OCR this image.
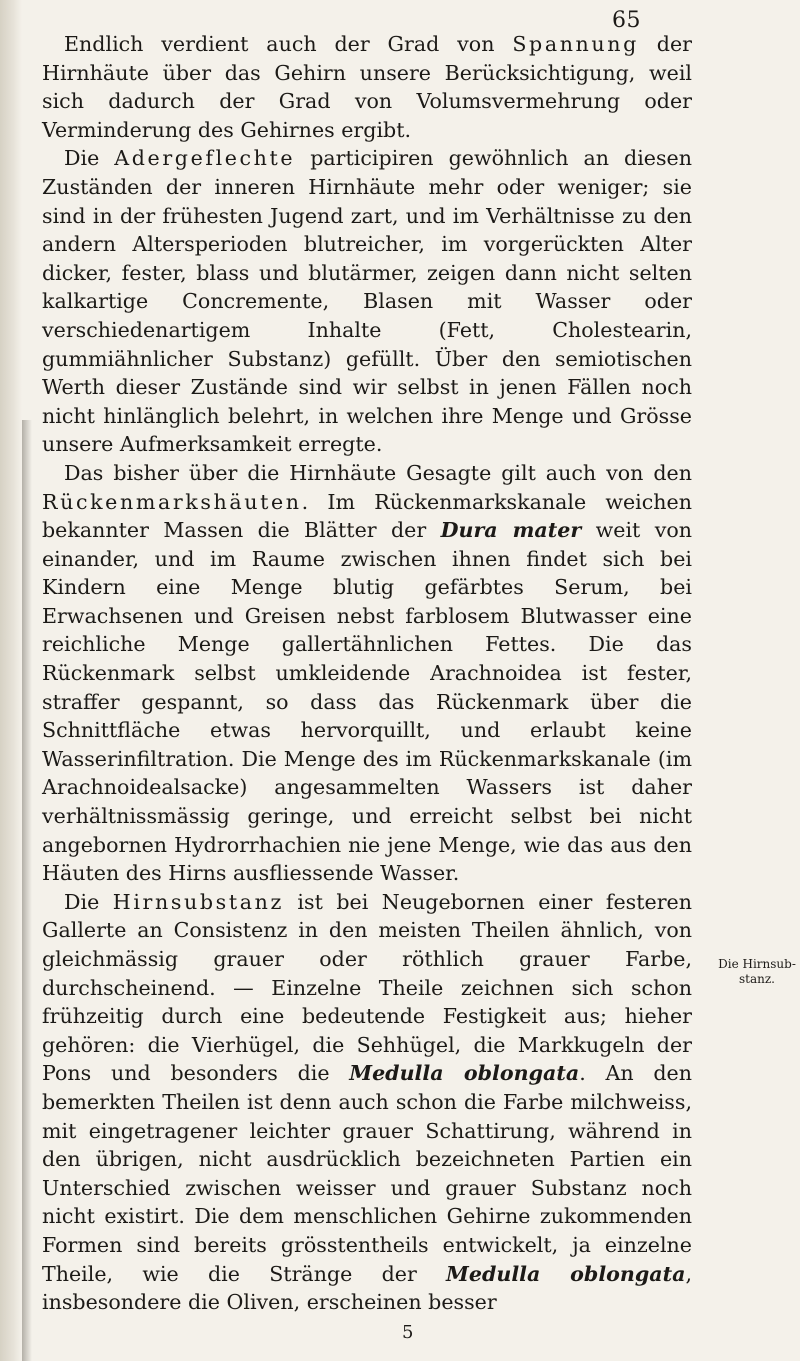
65

Endlich verdient auch der Grad von Spannung der Hirnhäute über das Gehirn unsere Berücksichtigung, weil sich dadurch der Grad von Volumsvermehrung oder Verminderung des Gehirnes ergibt.

Die Adergeflechte participiren gewöhnlich an diesen Zuständen der inneren Hirnhäute mehr oder weniger; sie sind in der frühesten Jugend zart, und im Verhältnisse zu den andern Altersperioden blutreicher, im vorgerückten Alter dicker, fester, blass und blutärmer, zeigen dann nicht selten kalkartige Concremente, Blasen mit Wasser oder verschiedenartigem Inhalte (Fett, Cholestearin, gummiähnlicher Substanz) gefüllt. Über den semiotischen Werth dieser Zustände sind wir selbst in jenen Fällen noch nicht hinlänglich belehrt, in welchen ihre Menge und Grösse unsere Aufmerksamkeit erregte.

Das bisher über die Hirnhäute Gesagte gilt auch von den Rückenmarkshäuten. Im Rückenmarkskanale weichen bekannter Massen die Blätter der Dura mater weit von einander, und im Raume zwischen ihnen findet sich bei Kindern eine Menge blutig gefärbtes Serum, bei Erwachsenen und Greisen nebst farblosem Blutwasser eine reichliche Menge gallertähnlichen Fettes. Die das Rückenmark selbst umkleidende Arachnoidea ist fester, straffer gespannt, so dass das Rückenmark über die Schnittfläche etwas hervorquillt, und erlaubt keine Wasserinfiltration. Die Menge des im Rückenmarkskanale (im Arachnoidealsacke) angesammelten Wassers ist daher verhältnissmässig geringe, und erreicht selbst bei nicht angebornen Hydrorrhachien nie jene Menge, wie das aus den Häuten des Hirns ausfliessende Wasser.

Die Hirnsubstanz ist bei Neugebornen einer festeren Gallerte an Consistenz in den meisten Theilen ähnlich, von gleichmässig grauer oder röthlich grauer Farbe, durchscheinend. — Einzelne Theile zeichnen sich schon frühzeitig durch eine bedeutende Festigkeit aus; hieher gehören: die Vierhügel, die Sehhügel, die Markkugeln der Pons und besonders die Medulla oblongata. An den bemerkten Theilen ist denn auch schon die Farbe milchweiss, mit eingetragener leichter grauer Schattirung, während in den übrigen, nicht ausdrücklich bezeichneten Partien ein Unterschied zwischen weisser und grauer Substanz noch nicht existirt. Die dem menschlichen Gehirne zukommenden Formen sind bereits grösstentheils entwickelt, ja einzelne Theile, wie die Stränge der Medulla oblongata, insbesondere die Oliven, erscheinen besser

Die Hirnsub-
stanz.
5
